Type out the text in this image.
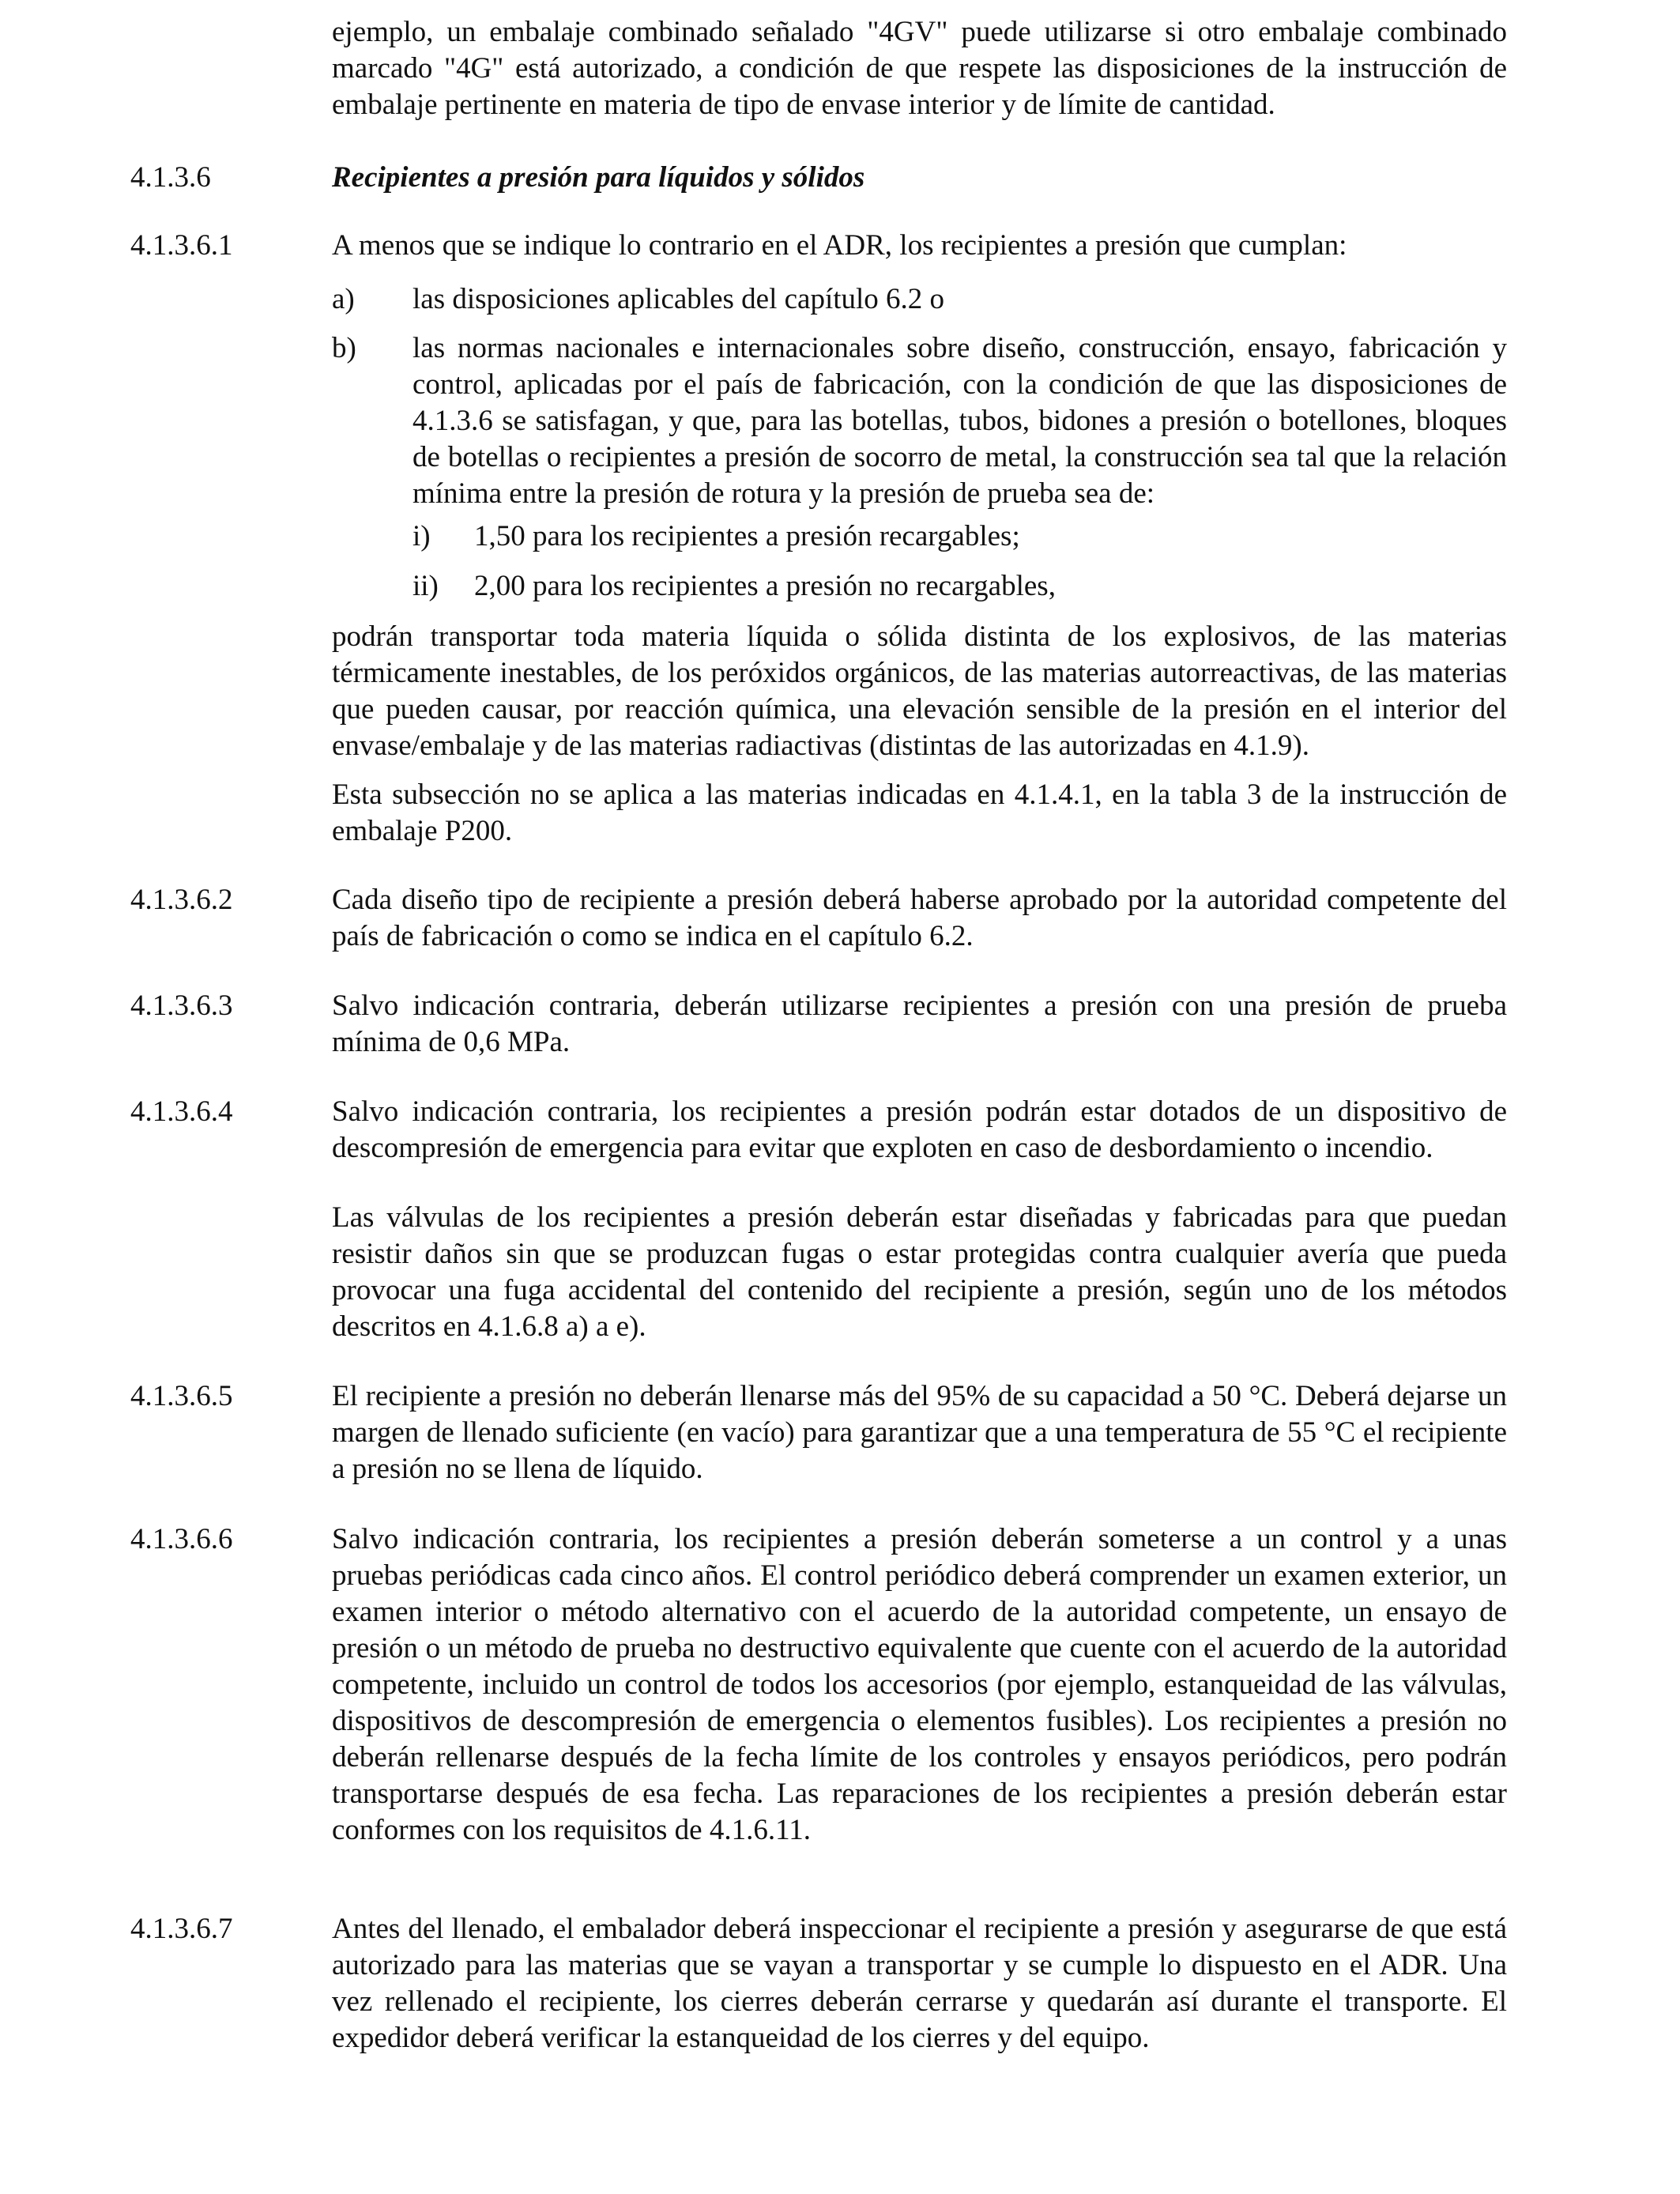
ejemplo, un embalaje combinado señalado "4GV" puede utilizarse si otro embalaje combinado marcado "4G" está autorizado, a condición de que respete las disposiciones de la instrucción de embalaje pertinente en materia de tipo de envase interior y de límite de cantidad.
4.1.3.6	Recipientes a presión para líquidos y sólidos
4.1.3.6.1	A menos que se indique lo contrario en el ADR, los recipientes a presión que cumplan:
a) las disposiciones aplicables del capítulo 6.2 o
b) las normas nacionales e internacionales sobre diseño, construcción, ensayo, fabricación y control, aplicadas por el país de fabricación, con la condición de que las disposiciones de 4.1.3.6 se satisfagan, y que, para las botellas, tubos, bidones a presión o botellones, bloques de botellas o recipientes a presión de socorro de metal, la construcción sea tal que la relación mínima entre la presión de rotura y la presión de prueba sea de:
i) 1,50 para los recipientes a presión recargables;
ii) 2,00 para los recipientes a presión no recargables,
podrán transportar toda materia líquida o sólida distinta de los explosivos, de las materias térmicamente inestables, de los peróxidos orgánicos, de las materias autorreactivas, de las materias que pueden causar, por reacción química, una elevación sensible de la presión en el interior del envase/embalaje y de las materias radiactivas (distintas de las autorizadas en 4.1.9).
Esta subsección no se aplica a las materias indicadas en 4.1.4.1, en la tabla 3 de la instrucción de embalaje P200.
4.1.3.6.2	Cada diseño tipo de recipiente a presión deberá haberse aprobado por la autoridad competente del país de fabricación o como se indica en el capítulo 6.2.
4.1.3.6.3	Salvo indicación contraria, deberán utilizarse recipientes a presión con una presión de prueba mínima de 0,6 MPa.
4.1.3.6.4	Salvo indicación contraria, los recipientes a presión podrán estar dotados de un dispositivo de descompresión de emergencia para evitar que exploten en caso de desbordamiento o incendio.
Las válvulas de los recipientes a presión deberán estar diseñadas y fabricadas para que puedan resistir daños sin que se produzcan fugas o estar protegidas contra cualquier avería que pueda provocar una fuga accidental del contenido del recipiente a presión, según uno de los métodos descritos en 4.1.6.8 a) a e).
4.1.3.6.5	El recipiente a presión no deberán llenarse más del 95% de su capacidad a 50 °C. Deberá dejarse un margen de llenado suficiente (en vacío) para garantizar que a una temperatura de 55 °C el recipiente a presión no se llena de líquido.
4.1.3.6.6	Salvo indicación contraria, los recipientes a presión deberán someterse a un control y a unas pruebas periódicas cada cinco años. El control periódico deberá comprender un examen exterior, un examen interior o método alternativo con el acuerdo de la autoridad competente, un ensayo de presión o un método de prueba no destructivo equivalente que cuente con el acuerdo de la autoridad competente, incluido un control de todos los accesorios (por ejemplo, estanqueidad de las válvulas, dispositivos de descompresión de emergencia o elementos fusibles). Los recipientes a presión no deberán rellenarse después de la fecha límite de los controles y ensayos periódicos, pero podrán transportarse después de esa fecha. Las reparaciones de los recipientes a presión deberán estar conformes con los requisitos de 4.1.6.11.
4.1.3.6.7	Antes del llenado, el embalador deberá inspeccionar el recipiente a presión y asegurarse de que está autorizado para las materias que se vayan a transportar y se cumple lo dispuesto en el ADR. Una vez rellenado el recipiente, los cierres deberán cerrarse y quedarán así durante el transporte. El expedidor deberá verificar la estanqueidad de los cierres y del equipo.
